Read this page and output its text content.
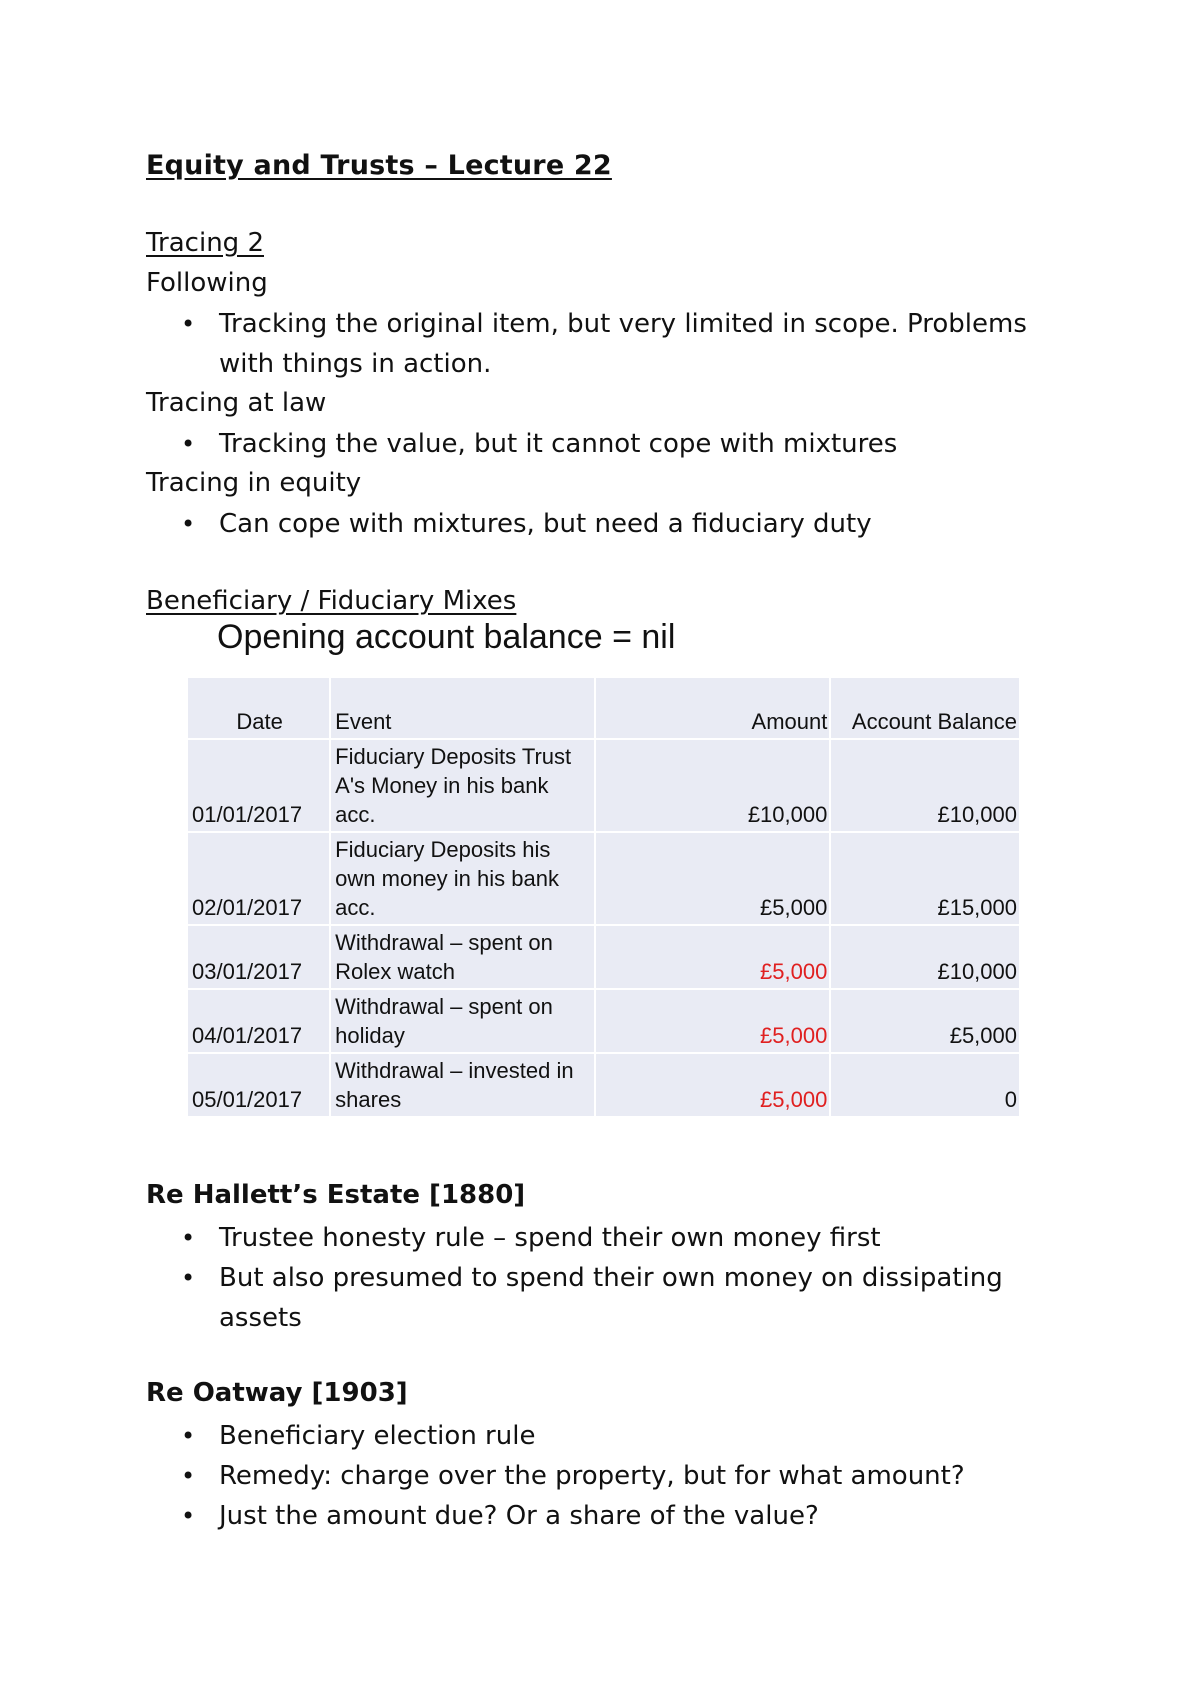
Equity and Trusts – Lecture 22
Tracing 2
Following
• Tracking the original item, but very limited in scope. Problems with things in action.
Tracing at law
• Tracking the value, but it cannot cope with mixtures
Tracing in equity
• Can cope with mixtures, but need a fiduciary duty
Beneficiary / Fiduciary Mixes
Opening account balance = nil
Date	Event	Amount	Account Balance
01/01/2017	Fiduciary Deposits Trust A's Money in his bank acc.	£10,000	£10,000
02/01/2017	Fiduciary Deposits his own money in his bank acc.	£5,000	£15,000
03/01/2017	Withdrawal – spent on Rolex watch	£5,000	£10,000
04/01/2017	Withdrawal – spent on holiday	£5,000	£5,000
05/01/2017	Withdrawal – invested in shares	£5,000	0
Re Hallett’s Estate [1880]
• Trustee honesty rule – spend their own money first
• But also presumed to spend their own money on dissipating assets
Re Oatway [1903]
• Beneficiary election rule
• Remedy: charge over the property, but for what amount?
• Just the amount due? Or a share of the value?
